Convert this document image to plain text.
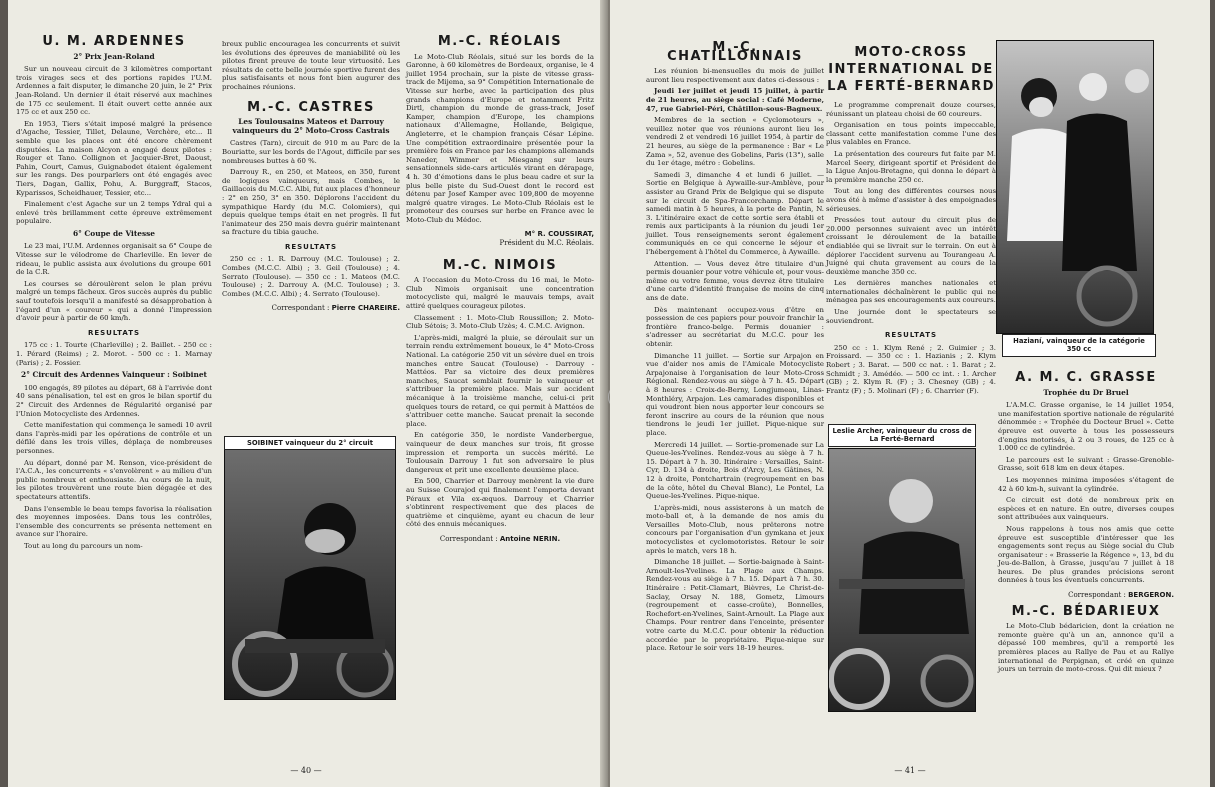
U. M. ARDENNES
2° Prix Jean-Roland

Sur un nouveau circuit de 3 kilomètres comportant trois virages secs et des portions rapides l'U.M. Ardennes a fait disputer, le dimanche 20 juin, le 2° Prix Jean-Roland. Un dernier il était réservé aux machines de 175 cc seulement. Il était ouvert cette année aux 175 cc et aux 250 cc.

En 1953, Tiers s'était imposé malgré la présence d'Agache, Tessier, Tillet, Delaune, Verchère, etc... Il semble que les places ont été encore chèrement disputées. La maison Alcyon a engagé deux pilotes : Rouger et Tano. Collignon et Jacquier-Bret, Daoust, Pahin, Court, Camus, Guignabodet étaient également sur les rangs. Des pourparlers ont été engagés avec Tiers, Dagan, Gallix, Pohu, A. Burggraff, Stacos, Kyparissos, Scheidhauer, Tessier, etc...

Finalement c'est Agache sur un 2 temps Ydral qui a enlevé très brillamment cette épreuve extrêmement populaire.

6° Coupe de Vitesse

Le 23 mai, l'U.M. Ardennes organisait sa 6° Coupe de Vitesse sur le vélodrome de Charleville. En lever de rideau, le public assista aux évolutions du groupe 601 de la C.R.

Les courses se déroulèrent selon le plan prévu malgré un temps fâcheux. Gros succès auprès du public sauf toutefois lorsqu'il a manifesté sa désapprobation à l'égard d'un « coureur » qui a donné l'impression d'avoir peur à partir de 60 km/h.

RESULTATS

175 cc : 1. Tourte (Charleville) ; 2. Baillet. - 250 cc : 1. Pérard (Reims) ; 2. Morot. - 500 cc : 1. Marnay (Paris) ; 2. Fossier.

2° Circuit des Ardennes Vainqueur : Soibinet

100 engagés, 89 pilotes au départ, 68 à l'arrivée dont 40 sans pénalisation, tel est en gros le bilan sportif du 2° Circuit des Ardennes de Régularité organisé par l'Union Motocycliste des Ardennes.

Cette manifestation qui commença le samedi 10 avril dans l'après-midi par les opérations de contrôle et un défilé dans les trois villes, déplaça de nombreuses personnes.

Au départ, donné par M. Renson, vice-président de l'A.C.A., les concurrents « s'envolèrent » au milieu d'un public nombreux et enthousiaste. Au cours de la nuit, les pilotes trouvèrent une route bien dégagée et des spectateurs attentifs.

Dans l'ensemble le beau temps favorisa la réalisation des moyennes imposées. Dans tous les contrôles, l'ensemble des concurrents se présenta nettement en avance sur l'horaire.

Tout au long du parcours un nom-

breux public encouragea les concurrents et suivit les évolutions des épreuves de maniabilité où les pilotes firent preuve de toute leur virtuosité. Les résultats de cette belle journée sportive furent des plus satisfaisants et nous font bien augurer des prochaines réunions.

M.-C. CASTRES
Les Toulousains Mateos et Darrouy vainqueurs du 2° Moto-Cross Castrais

Castres (Tarn), circuit de 910 m au Parc de la Bouriatte, sur les bords de l'Agout, difficile par ses nombreuses buttes à 60 %.

Darrouy R., en 250, et Mateos, en 350, furent de logiques vainqueurs, mais Combes, le Gaillacois du M.C.C. Albi, fut aux places d'honneur : 2° en 250, 3° en 350. Déplorons l'accident du sympathique Hardy (du M.C. Colomiers), qui depuis quelque temps était en net progrès. Il fut l'animateur des 250 mais devra guérir maintenant sa fracture du tibia gauche.

RESULTATS

250 cc : 1. R. Darrouy (M.C. Toulouse) ; 2. Combes (M.C.C. Albi) ; 3. Geil (Toulouse) ; 4. Serrato (Toulouse). — 350 cc : 1. Mateos (M.C. Toulouse) ; 2. Darrouy A. (M.C. Toulouse) ; 3. Combes (M.C.C. Albi) ; 4. Serrato (Toulouse).

Correspondant : Pierre CHAREIRE.
SOIBINET vainqueur du 2° circuit
M.-C. RÉOLAIS

Le Moto-Club Réolais, situé sur les bords de la Garonne, à 60 kilomètres de Bordeaux, organise, le 4 juillet 1954 prochain, sur la piste de vitesse grass-track de Mijema, sa 9° Compétition Internationale de Vitesse sur herbe, avec la participation des plus grands champions d'Europe et notamment Fritz Dirtl, champion du monde de grass-track, Josef Kamper, champion d'Europe, les champions nationaux d'Allemagne, Hollande, Belgique, Angleterre, et le champion français César Lépine. Une compétition extraordinaire présentée pour la première fois en France par les champions allemands Naneder, Wimmer et Miesgang sur leurs sensationnels side-cars articulés virant en dérapage, 4 h. 30 d'émotions dans le plus beau cadre et sur la plus belle piste du Sud-Ouest dont le record est détenu par Josef Kamper avec 109,800 de moyenne malgré quatre virages. Le Moto-Club Réolais est le promoteur des courses sur herbe en France avec le Moto-Club du Médoc.

M° R. COUSSIRAT,
Président du M.C. Réolais.
M.-C. NIMOIS

A l'occasion du Moto-Cross du 16 mai, le Moto-Club Nimois organisait une concentration motocycliste qui, malgré le mauvais temps, avait attiré quelques courageux pilotes.

Classement : 1. Moto-Club Roussillon; 2. Moto-Club Sétois; 3. Moto-Club Uzès; 4. C.M.C. Avignon.

L'après-midi, malgré la pluie, se déroulait sur un terrain rendu extrêmement boueux, le 4° Moto-Cross National. La catégorie 250 vit un sévère duel en trois manches entre Saucat (Toulouse) - Darrouy - Mattéos. Par sa victoire des deux premières manches, Saucat semblait fournir le vainqueur et s'attribuer la première place. Mais sur accident mécanique à la troisième manche, celui-ci prit quelques tours de retard, ce qui permit à Mattéos de s'attribuer cette manche. Saucat prenait la seconde place.

En catégorie 350, le nordiste Vanderbergue, vainqueur de deux manches sur trois, fit grosse impression et remporta un succès mérité. Le Toulousain Darrouy 1 fut son adversaire le plus dangereux et prit une excellente deuxième place.

En 500, Charrier et Darrouy menèrent la vie dure au Suisse Courajod qui finalement l'emporta devant Péraux et Vila ex-æquos. Darrouy et Charrier s'obtinrent respectivement que des places de quatrième et cinquième, ayant eu chacun de leur côté des ennuis mécaniques.

Correspondant : Antoine NERIN.
— 40 —
M.-C. CHATILLONNAIS

Les réunion bi-mensuelles du mois de juillet auront lieu respectivement aux dates ci-dessous :

Jeudi 1er juillet et jeudi 15 juillet, à partir de 21 heures, au siège social : Café Moderne, 47, rue Gabriel-Péri, Châtillon-sous-Bagneux.

Membres de la section « Cyclomoteurs », veuillez noter que vos réunions auront lieu les vendredi 2 et vendredi 16 juillet 1954, à partir de 21 heures, au siège de la permanence : Bar « Le Zama », 52, avenue des Gobelins, Paris (13°), salle du 1er étage, métro : Gobelins.

Samedi 3, dimanche 4 et lundi 6 juillet. — Sortie en Belgique à Aywaille-sur-Amblève, pour assister au Grand Prix de Belgique qui se dispute sur le circuit de Spa-Francorchamp. Départ le samedi matin à 5 heures, à la porte de Pantin, N. 3. L'itinéraire exact de cette sortie sera établi et remis aux participants à la réunion du jeudi 1er juillet. Tous renseignements seront également communiqués en ce qui concerne le séjour et l'hébergement à l'hôtel du Commerce, à Aywaille.

Attention. — Vous devez être titulaire d'un permis douanier pour votre véhicule et, pour vous-même ou votre femme, vous devrez être titulaire d'une carte d'identité française de moins de cinq ans de date.

Dès maintenant occupez-vous d'être en possession de ces papiers pour pouvoir franchir la frontière franco-belge. Permis douanier : s'adresser au secrétariat du M.C.C. pour les obtenir.

Dimanche 11 juillet. — Sortie sur Arpajon en vue d'aider nos amis de l'Amicale Motocycliste Arpajonaise à l'organisation de leur Moto-Cross Régional. Rendez-vous au siège à 7 h. 45. Départ à 8 heures : Croix-de-Berny, Longjumeau, Linas-Monthléry, Arpajon. Les camarades disponibles et qui voudront bien nous apporter leur concours se feront inscrire au cours de la réunion que nous tiendrons le jeudi 1er juillet. Pique-nique sur place.

Mercredi 14 juillet. — Sortie-promenade sur La Queue-les-Yvelines. Rendez-vous au siège à 7 h. 15. Départ à 7 h. 30. Itinéraire : Versailles, Saint-Cyr, D. 134 à droite, Bois d'Arcy, Les Gâtines, N. 12 à droite, Pontchartrain (regroupement en bas de la côte, hôtel du Cheval Blanc), Le Pontel, La Queue-les-Yvelines. Pique-nique.

L'après-midi, nous assisterons à un match de moto-ball et, à la demande de nos amis du Versailles Moto-Club, nous prêterons notre concours par l'organisation d'un gymkana et jeux motocyclistes et cyclomotoristes. Retour le soir après le match, vers 18 h.

Dimanche 18 juillet. — Sortie-baignade à Saint-Arnoult-les-Yvelines. La Plage aux Champs. Rendez-vous au siège à 7 h. 15. Départ à 7 h. 30. Itinéraire : Petit-Clamart, Bièvres, Le Christ-de-Saclay, Orsay N. 188, Gometz, Limours (regroupement et casse-croûte), Bonnelles, Rochefort-en-Yvelines, Saint-Arnoult. La Plage aux Champs. Pour rentrer dans l'enceinte, présenter votre carte du M.C.C. pour obtenir la réduction accordée par le propriétaire. Pique-nique sur place. Retour le soir vers 18-19 heures.

MOTO-CROSS INTERNATIONAL DE LA FERTÉ-BERNARD

Le programme comprenait douze courses, réunissant un plateau choisi de 60 coureurs.

Organisation en tous points impeccable, classant cette manifestation comme l'une des plus valables en France.

La présentation des coureurs fut faite par M. Marcel Seery, dirigeant sportif et Président de la Ligue Anjou-Bretagne, qui donna le départ à la première manche 250 cc.

Tout au long des différentes courses nous avons été à même d'assister à des empoignades sérieuses.

Pressées tout autour du circuit plus de 20.000 personnes suivaient avec un intérêt croissant le déroulement de la bataille endiablée qui se livrait sur le terrain. On eut à déplorer l'accident survenu au Tourangeau A. Juigné qui chuta gravement au cours de la deuxième manche 350 cc.

Les dernières manches nationales et internationales déchaînèrent le public qui ne ménagea pas ses encouragements aux coureurs.

Une journée dont le spectateurs se souviendront.

RESULTATS

250 cc : 1. Klym René ; 2. Guimier ; 3. Froissard. — 350 cc : 1. Hazianis ; 2. Klym Robert ; 3. Barat. — 500 cc nat. : 1. Barat ; 2. Schmidt ; 3. Amédéo. — 500 cc int. : 1. Archer (GB) ; 2. Klym R. (F) ; 3. Chesney (GB) ; 4. Frantz (F) ; 5. Molinari (F) ; 6. Charrier (F).

Leslie Archer, vainqueur du cross de La Ferté-Bernard
Hazianí, vainqueur de la catégorie 350 cc
A. M. C. GRASSE
Trophée du Dr Bruel

L'A.M.C. Grasse organise, le 14 juillet 1954, une manifestation sportive nationale de régularité dénommée : « Trophée du Docteur Bruel ». Cette épreuve est ouverte à tous les possesseurs d'engins motorisés, à 2 ou 3 roues, de 125 cc à 1.000 cc de cylindrée.

Le parcours est le suivant : Grasse-Grenoble-Grasse, soit 618 km en deux étapes.

Les moyennes minima imposées s'étagent de 42 à 60 km-h, suivant la cylindrée.

Ce circuit est doté de nombreux prix en espèces et en nature. En outre, diverses coupes sont attribuées aux vainqueurs.

Nous rappelons à tous nos amis que cette épreuve est susceptible d'intéresser que les engagements sont reçus au Siège social du Club organisateur : « Brasserie la Régence », 13, bd du Jeu-de-Ballon, à Grasse, jusqu'au 7 juillet à 18 heures. De plus grandes précisions seront données à tous les éventuels concurrents.

Correspondant : BERGERON.
M.-C. BÉDARIEUX

Le Moto-Club bédaricien, dont la création ne remonte guère qu'à un an, annonce qu'il a dépassé 100 membres, qu'il a remporté les premières places au Rallye de Pau et au Rallye international de Perpignan, et créé en quinze jours un terrain de moto-cross. Qui dit mieux ?

— 41 —
